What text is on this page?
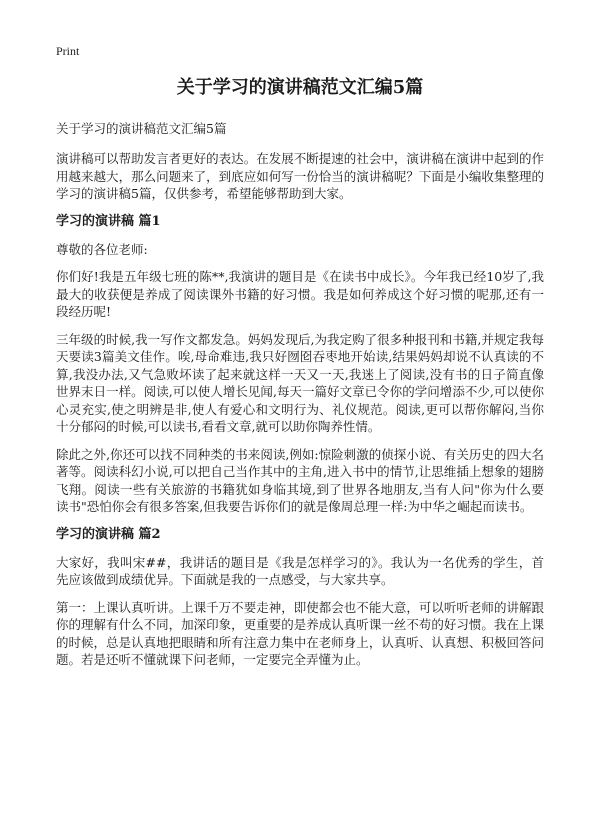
Print
关于学习的演讲稿范文汇编5篇

关于学习的演讲稿范文汇编5篇

演讲稿可以帮助发言者更好的表达。在发展不断提速的社会中，演讲稿在演讲中起到的作用越来越大，那么问题来了，到底应如何写一份恰当的演讲稿呢？下面是小编收集整理的学习的演讲稿5篇，仅供参考，希望能够帮助到大家。

学习的演讲稿 篇1

尊敬的各位老师:

你们好!我是五年级七班的陈**,我演讲的题目是《在读书中成长》。今年我已经10岁了,我最大的收获便是养成了阅读课外书籍的好习惯。我是如何养成这个好习惯的呢那,还有一段经历呢!

三年级的时候,我一写作文都发急。妈妈发现后,为我定购了很多种报刊和书籍,并规定我每天要读3篇美文佳作。唉,母命难违,我只好囫囵吞枣地开始读,结果妈妈却说不认真读的不算,我没办法,又气急败坏读了起来就这样一天又一天,我迷上了阅读,没有书的日子简直像世界末日一样。阅读,可以使人增长见闻,每天一篇好文章已令你的学问增添不少,可以使你心灵充实,使之明辨是非,使人有爱心和文明行为、礼仪规范。阅读,更可以帮你解闷,当你十分郁闷的时候,可以读书,看看文章,就可以助你陶养性情。

除此之外,你还可以找不同种类的书来阅读,例如:惊险刺激的侦探小说、有关历史的四大名著等。阅读科幻小说,可以把自己当作其中的主角,进入书中的情节,让思维插上想象的翅膀飞翔。阅读一些有关旅游的书籍犹如身临其境,到了世界各地朋友,当有人问"你为什么要读书"恐怕你会有很多答案,但我要告诉你们的就是像周总理一样:为中华之崛起而读书。

学习的演讲稿 篇2

大家好，我叫宋##，我讲话的题目是《我是怎样学习的》。我认为一名优秀的学生，首先应该做到成绩优异。下面就是我的一点感受，与大家共享。

第一：上课认真听讲。上课千万不要走神，即使都会也不能大意，可以听听老师的讲解跟你的理解有什么不同，加深印象，更重要的是养成认真听课一丝不苟的好习惯。我在上课的时候，总是认真地把眼睛和所有注意力集中在老师身上，认真听、认真想、积极回答问题。若是还听不懂就课下问老师，一定要完全弄懂为止。
